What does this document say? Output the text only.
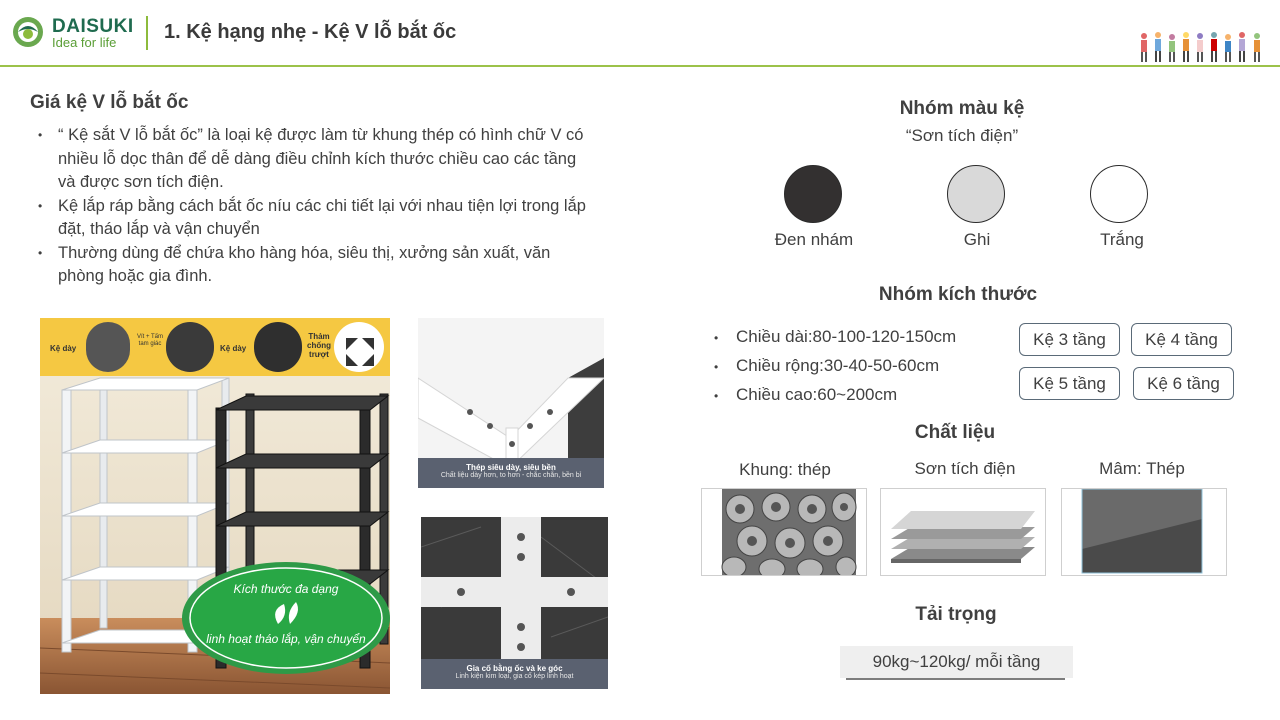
DAISUKI
Idea for life 1. Kệ hạng nhẹ - Kệ V lỗ bắt ốc
Giá kệ V lỗ bắt ốc
• “ Kệ sắt V lỗ bắt ốc” là loại kệ được làm từ khung thép có hình chữ V có nhiều lỗ dọc thân để dễ dàng điều chỉnh kích thước chiều cao các tầng và được sơn tích điện.
• Kệ lắp ráp bằng cách bắt ốc níu các chi tiết lại với nhau tiện lợi trong lắp đặt, tháo lắp và vận chuyển
• Thường dùng để chứa kho hàng hóa, siêu thị, xưởng sản xuất, văn phòng hoặc gia đình.
Kệ dày
Vít + Tấm tam giác	Kệ dày
Thảm chống trượt
Kích thước đa dạng
linh hoạt tháo lắp, vận chuyển
Thép siêu dày, siêu bền
Chất liệu dày hơn, to hơn - chắc chắn, bền bỉ
Gia cố bằng ốc và ke góc
Linh kiện kim loại, gia cố kép linh hoạt
Nhóm màu kệ
“Sơn tích điện”
Đen nhám	Ghi	Trắng
Nhóm kích thước
• Chiều dài:80-100-120-150cm
• Chiều rộng:30-40-50-60cm
• Chiều cao:60~200cm
Kệ 3 tầng	Kệ 4 tầng
Kệ 5 tầng	Kệ 6 tầng
Chất liệu
Khung: thép	Sơn tích điện	Mâm: Thép
Tải trọng
90kg~120kg/ mỗi tầng
